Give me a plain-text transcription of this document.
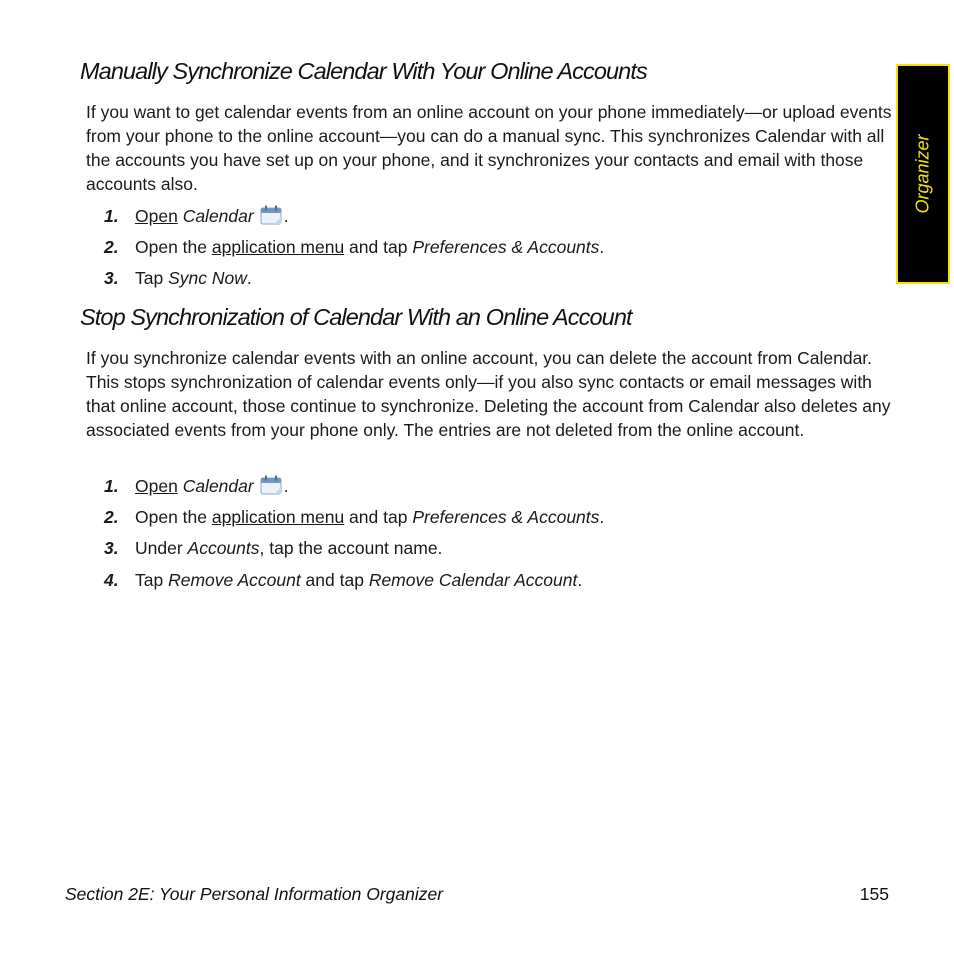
Manually Synchronize Calendar With Your Online Accounts

If you want to get calendar events from an online account on your phone immediately—or upload events from your phone to the online account—you can do a manual sync. This synchronizes Calendar with all the accounts you have set up on your phone, and it synchronizes your contacts and email with those accounts also.

1. Open Calendar .
2. Open the application menu and tap Preferences & Accounts.
3. Tap Sync Now.
Stop Synchronization of Calendar With an Online Account

If you synchronize calendar events with an online account, you can delete the account from Calendar. This stops synchronization of calendar events only—if you also sync contacts or email messages with that online account, those continue to synchronize. Deleting the account from Calendar also deletes any associated events from your phone only. The entries are not deleted from the online account.

1. Open Calendar .
2. Open the application menu and tap Preferences & Accounts.
3. Under Accounts, tap the account name.
4. Tap Remove Account and tap Remove Calendar Account.
Organizer
Section 2E: Your Personal Information Organizer	155
